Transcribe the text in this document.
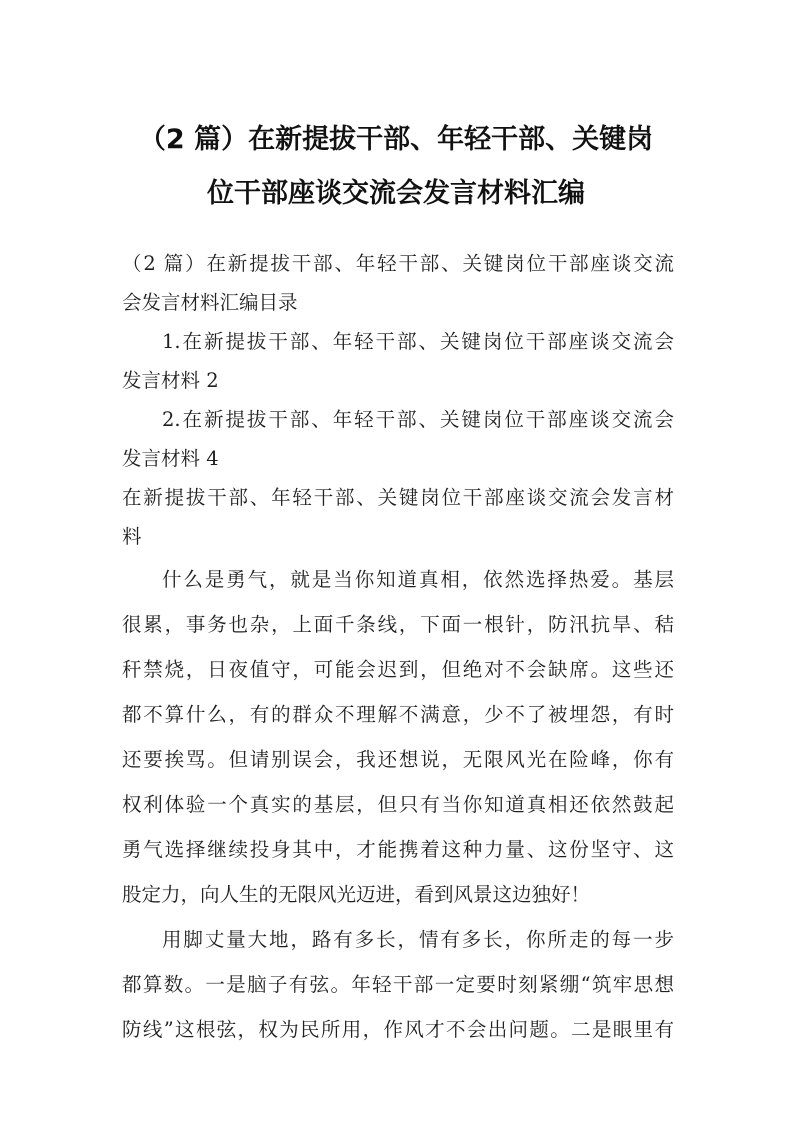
（2 篇）在新提拔干部、年轻干部、关键岗
位干部座谈交流会发言材料汇编
（2 篇）在新提拔干部、年轻干部、关键岗位干部座谈交流
会发言材料汇编目录
1.在新提拔干部、年轻干部、关键岗位干部座谈交流会
发言材料 2
2.在新提拔干部、年轻干部、关键岗位干部座谈交流会
发言材料 4
在新提拔干部、年轻干部、关键岗位干部座谈交流会发言材
料
什么是勇气，就是当你知道真相，依然选择热爱。基层
很累，事务也杂，上面千条线，下面一根针，防汛抗旱、秸
秆禁烧，日夜值守，可能会迟到，但绝对不会缺席。这些还
都不算什么，有的群众不理解不满意，少不了被埋怨，有时
还要挨骂。但请别误会，我还想说，无限风光在险峰，你有
权利体验一个真实的基层，但只有当你知道真相还依然鼓起
勇气选择继续投身其中，才能携着这种力量、这份坚守、这
股定力，向人生的无限风光迈进，看到风景这边独好！
用脚丈量大地，路有多长，情有多长，你所走的每一步
都算数。一是脑子有弦。年轻干部一定要时刻紧绷“筑牢思想
防线”这根弦，权为民所用，作风才不会出问题。二是眼里有
